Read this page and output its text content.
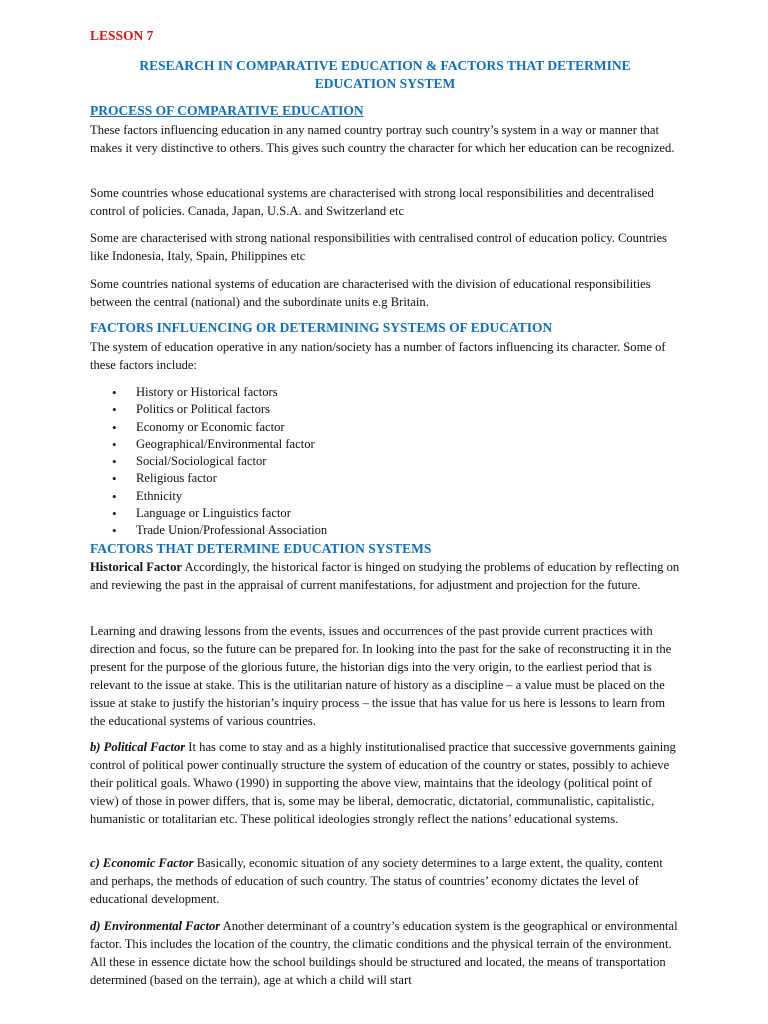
LESSON 7

RESEARCH IN COMPARATIVE EDUCATION & FACTORS THAT DETERMINE
EDUCATION SYSTEM

PROCESS OF COMPARATIVE EDUCATION

These factors influencing education in any named country portray such country’s system in a way or manner that makes it very distinctive to others. This gives such country the character for which her education can be recognized.

Some countries whose educational systems are characterised with strong local responsibilities and decentralised control of policies. Canada, Japan, U.S.A. and Switzerland etc

Some are characterised with strong national responsibilities with centralised control of education policy. Countries like Indonesia, Italy, Spain, Philippines etc

Some countries national systems of education are characterised with the division of educational responsibilities between the central (national) and the subordinate units e.g Britain.

FACTORS INFLUENCING OR DETERMINING SYSTEMS OF EDUCATION

The system of education operative in any nation/society has a number of factors influencing its character. Some of these factors include:

• History or Historical factors
• Politics or Political factors
• Economy or Economic factor
• Geographical/Environmental factor
• Social/Sociological factor
• Religious factor
• Ethnicity
• Language or Linguistics factor
• Trade Union/Professional Association

FACTORS THAT DETERMINE EDUCATION SYSTEMS

Historical Factor Accordingly, the historical factor is hinged on studying the problems of education by reflecting on and reviewing the past in the appraisal of current manifestations, for adjustment and projection for the future.

Learning and drawing lessons from the events, issues and occurrences of the past provide current practices with direction and focus, so the future can be prepared for. In looking into the past for the sake of reconstructing it in the present for the purpose of the glorious future, the historian digs into the very origin, to the earliest period that is relevant to the issue at stake. This is the utilitarian nature of history as a discipline – a value must be placed on the issue at stake to justify the historian’s inquiry process – the issue that has value for us here is lessons to learn from the educational systems of various countries.

b) Political Factor It has come to stay and as a highly institutionalised practice that successive governments gaining control of political power continually structure the system of education of the country or states, possibly to achieve their political goals. Whawo (1990) in supporting the above view, maintains that the ideology (political point of view) of those in power differs, that is, some may be liberal, democratic, dictatorial, communalistic, capitalistic, humanistic or totalitarian etc. These political ideologies strongly reflect the nations’ educational systems.

c) Economic Factor Basically, economic situation of any society determines to a large extent, the quality, content and perhaps, the methods of education of such country. The status of countries’ economy dictates the level of educational development.

d) Environmental Factor Another determinant of a country’s education system is the geographical or environmental factor. This includes the location of the country, the climatic conditions and the physical terrain of the environment. All these in essence dictate how the school buildings should be structured and located, the means of transportation determined (based on the terrain), age at which a child will start
